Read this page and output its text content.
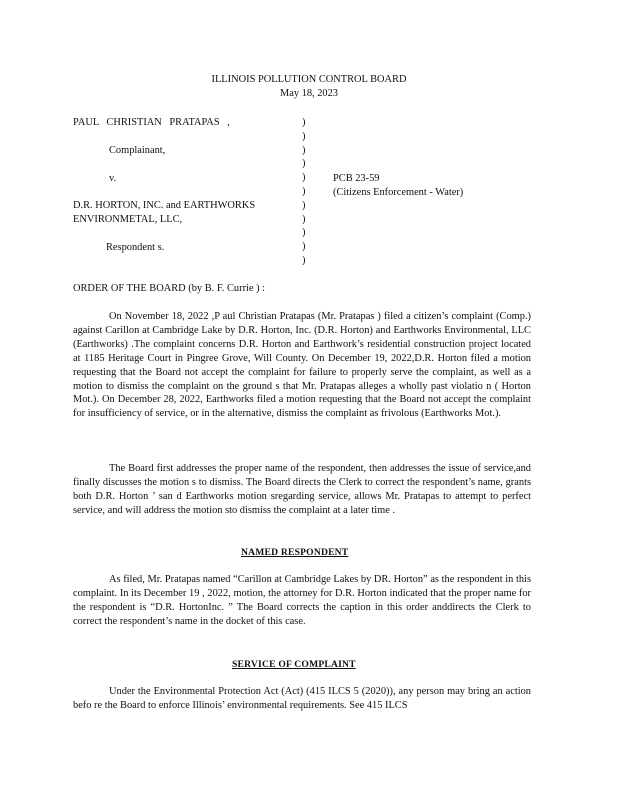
ILLINOIS POLLUTION CONTROL BOARD
May 18, 2023
PAUL CHRISTIAN PRATAPAS ,
Complainant,
v.
D.R. HORTON, INC. and EARTHWORKS
ENVIRONMETAL, LLC,
Respondent s.
)
)
)
)
)
)
)
)
)
)
)
PCB 23-59
(Citizens Enforcement - Water)
ORDER OF THE BOARD (by B. F. Currie ) :
On November 18, 2022 ,P aul Christian Pratapas (Mr. Pratapas ) filed a citizen’s complaint (Comp.) against Carillon at Cambridge Lake by D.R. Horton, Inc. (D.R. Horton) and Earthworks Environmental, LLC (Earthworks) .The complaint concerns D.R. Horton and Earthwork’s residential construction project located at 1185 Heritage Court in Pingree Grove, Will County. On December 19, 2022,D.R. Horton filed a motion requesting that the Board not accept the complaint for failure to properly serve the complaint, as well as a motion to dismiss the complaint on the ground s that Mr. Pratapas alleges a wholly past violatio n ( Horton Mot.). On December 28, 2022, Earthworks filed a motion requesting that the Board not accept the complaint for insufficiency of service, or in the alternative, dismiss the complaint as frivolous (Earthworks Mot.).
The Board first addresses the proper name of the respondent, then addresses the issue of service,and finally discusses the motion s to dismiss. The Board directs the Clerk to correct the respondent’s name, grants both D.R. Horton ’ san d Earthworks motion sregarding service, allows Mr. Pratapas to attempt to perfect service, and will address the motion sto dismiss the complaint at a later time .
NAMED RESPONDENT
As filed, Mr. Pratapas named “Carillon at Cambridge Lakes by DR. Horton” as the respondent in this complaint. In its December 19 , 2022, motion, the attorney for D.R. Horton indicated that the proper name for the respondent is “D.R. HortonInc. ” The Board corrects the caption in this order anddirects the Clerk to correct the respondent’s name in the docket of this case.
SERVICE OF COMPLAINT
Under the Environmental Protection Act (Act) (415 ILCS 5 (2020)), any person may bring an action befo re the Board to enforce Illinois’ environmental requirements. See 415 ILCS
